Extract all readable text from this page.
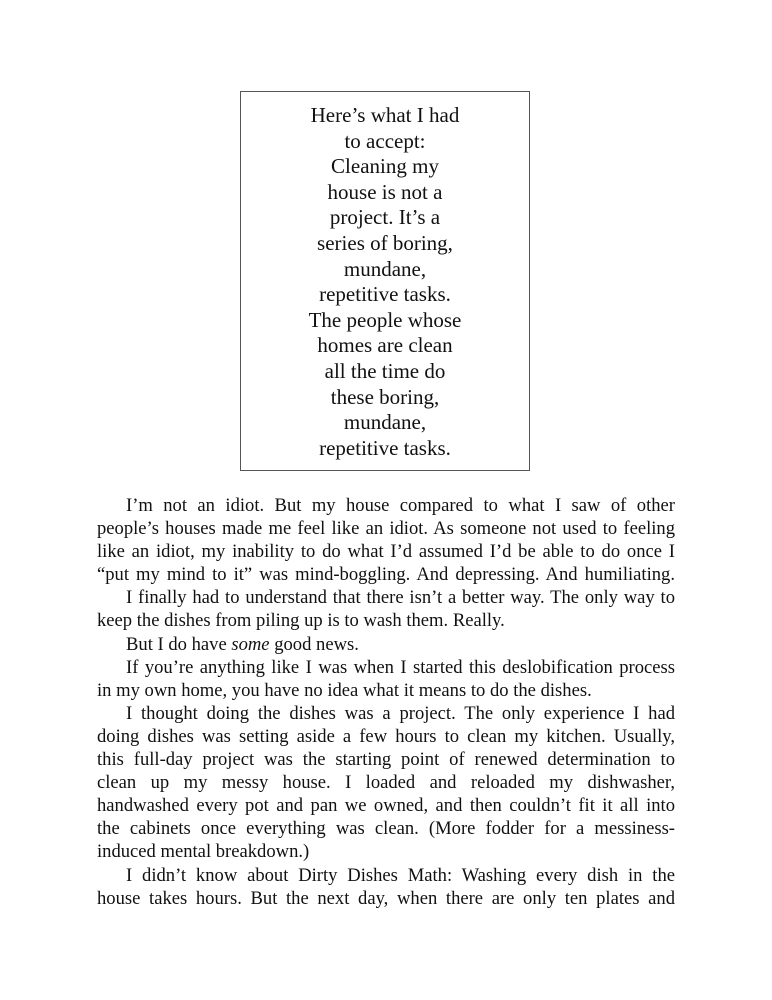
Here’s what I had
to accept:
Cleaning my
house is not a
project. It’s a
series of boring,
mundane,
repetitive tasks.
The people whose
homes are clean
all the time do
these boring,
mundane,
repetitive tasks.
I’m not an idiot. But my house compared to what I saw of other
people’s houses made me feel like an idiot. As someone not used to feeling
like an idiot, my inability to do what I’d assumed I’d be able to do once I
“put my mind to it” was mind-boggling. And depressing. And humiliating.
I finally had to understand that there isn’t a better way. The only way to
keep the dishes from piling up is to wash them. Really.
But I do have some good news.
If you’re anything like I was when I started this deslobification process
in my own home, you have no idea what it means to do the dishes.
I thought doing the dishes was a project. The only experience I had
doing dishes was setting aside a few hours to clean my kitchen. Usually,
this full-day project was the starting point of renewed determination to
clean up my messy house. I loaded and reloaded my dishwasher,
handwashed every pot and pan we owned, and then couldn’t fit it all into
the cabinets once everything was clean. (More fodder for a messiness-
induced mental breakdown.)
I didn’t know about Dirty Dishes Math: Washing every dish in the
house takes hours. But the next day, when there are only ten plates and
